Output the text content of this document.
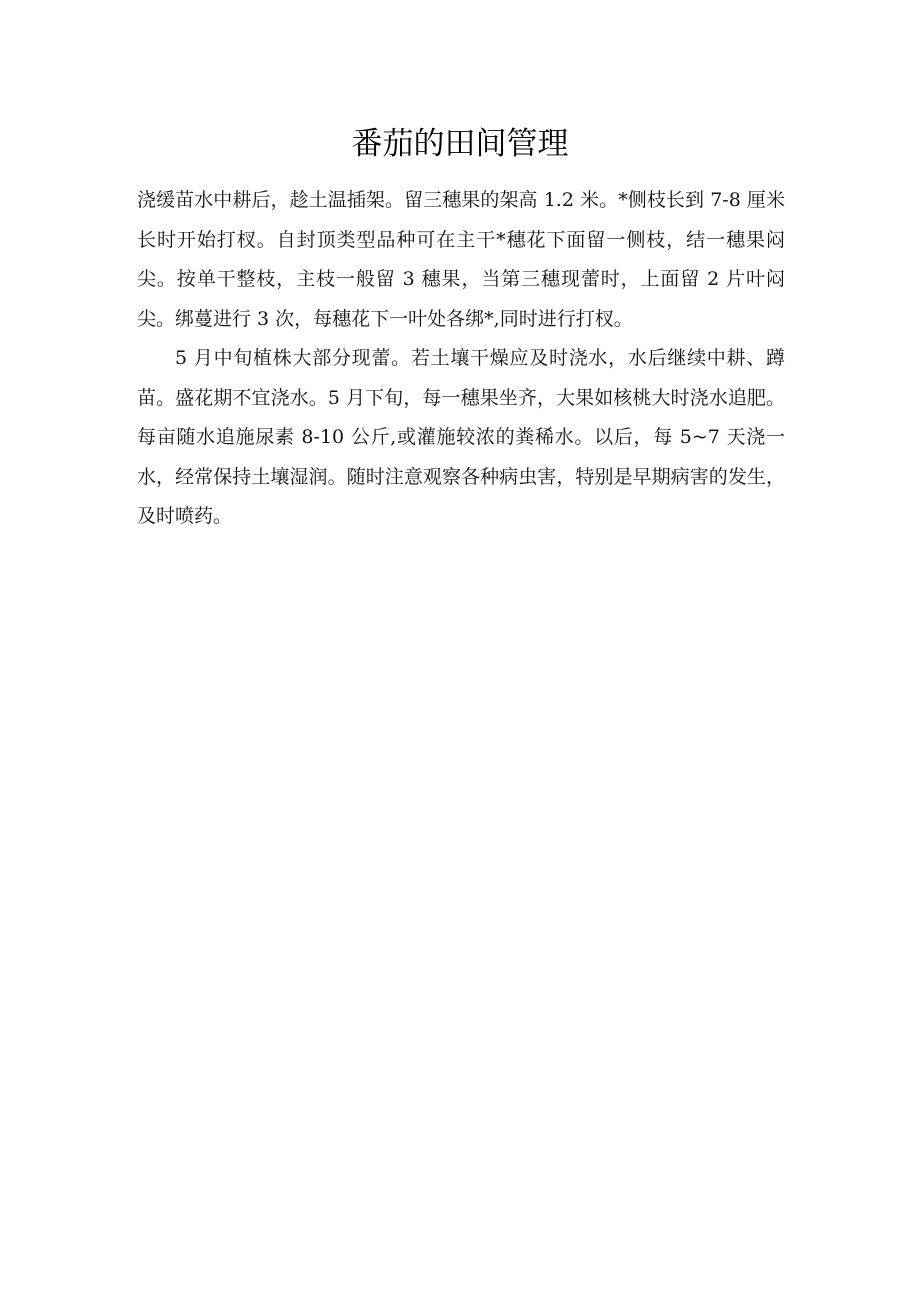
番茄的田间管理

浇缓苗水中耕后，趁土温插架。留三穗果的架高 1.2 米。*侧枝长到 7-8 厘米长时开始打杈。自封顶类型品种可在主干*穗花下面留一侧枝，结一穗果闷尖。按单干整枝，主枝一般留 3 穗果，当第三穗现蕾时，上面留 2 片叶闷尖。绑蔓进行 3 次，每穗花下一叶处各绑*,同时进行打杈。

5 月中旬植株大部分现蕾。若土壤干燥应及时浇水，水后继续中耕、蹲苗。盛花期不宜浇水。5 月下旬，每一穗果坐齐，大果如核桃大时浇水追肥。每亩随水追施尿素 8-10 公斤,或灌施较浓的粪稀水。以后，每 5~7 天浇一水，经常保持土壤湿润。随时注意观察各种病虫害，特别是早期病害的发生，及时喷药。
